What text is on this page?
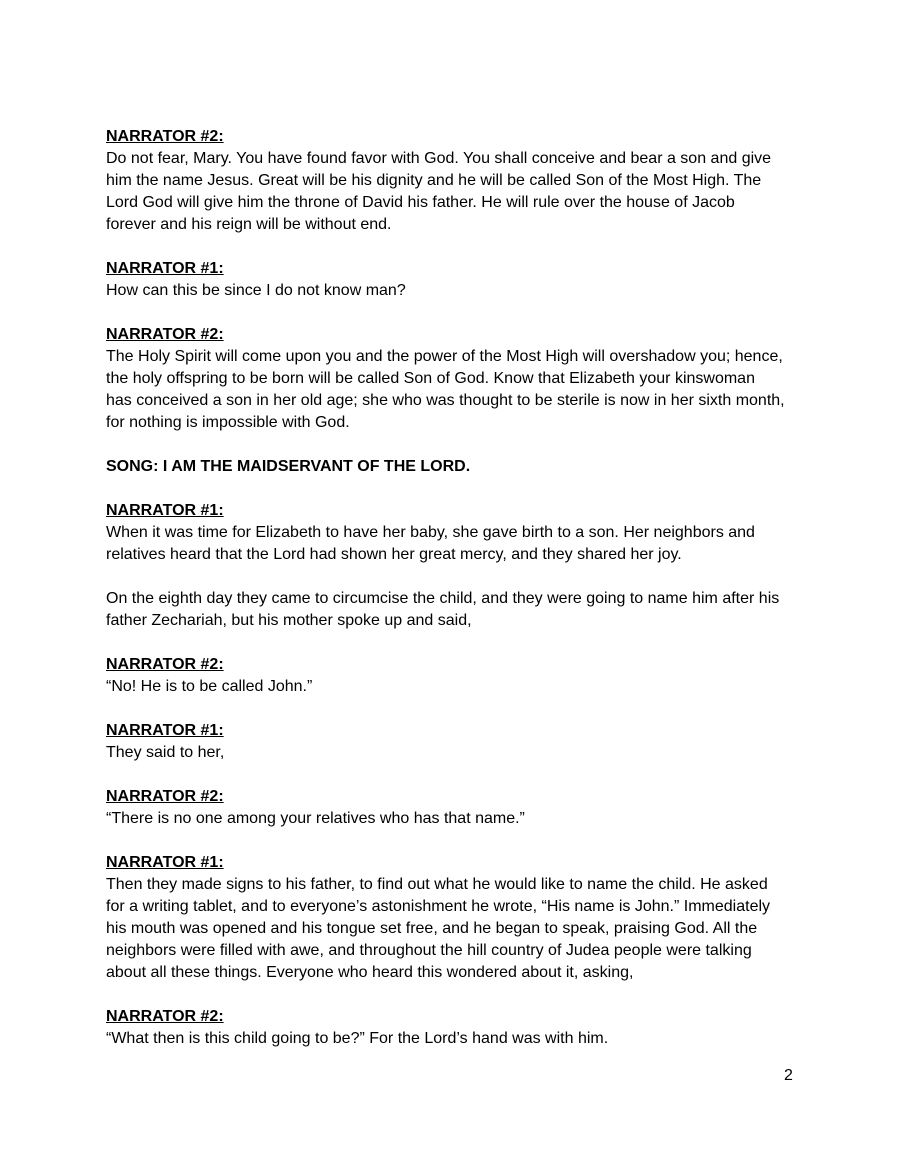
NARRATOR #2:
Do not fear, Mary. You have found favor with God. You shall conceive and bear a son and give
him the name Jesus. Great will be his dignity and he will be called Son of the Most High. The
Lord God will give him the throne of David his father. He will rule over the house of Jacob
forever and his reign will be without end.
NARRATOR #1:
How can this be since I do not know man?
NARRATOR #2:
The Holy Spirit will come upon you and the power of the Most High will overshadow you; hence,
the holy offspring to be born will be called Son of God. Know that Elizabeth your kinswoman
has conceived a son in her old age; she who was thought to be sterile is now in her sixth month,
for nothing is impossible with God.
SONG: I AM THE MAIDSERVANT OF THE LORD.
NARRATOR #1:
When it was time for Elizabeth to have her baby, she gave birth to a son. Her neighbors and
relatives heard that the Lord had shown her great mercy, and they shared her joy.
On the eighth day they came to circumcise the child, and they were going to name him after his
father Zechariah, but his mother spoke up and said,
NARRATOR #2:
“No! He is to be called John.”
NARRATOR #1:
They said to her,
NARRATOR #2:
“There is no one among your relatives who has that name.”
NARRATOR #1:
Then they made signs to his father, to find out what he would like to name the child. He asked
for a writing tablet, and to everyone’s astonishment he wrote, “His name is John.” Immediately
his mouth was opened and his tongue set free, and he began to speak, praising God. All the
neighbors were filled with awe, and throughout the hill country of Judea people were talking
about all these things. Everyone who heard this wondered about it, asking,
NARRATOR #2:
“What then is this child going to be?” For the Lord’s hand was with him.
2
